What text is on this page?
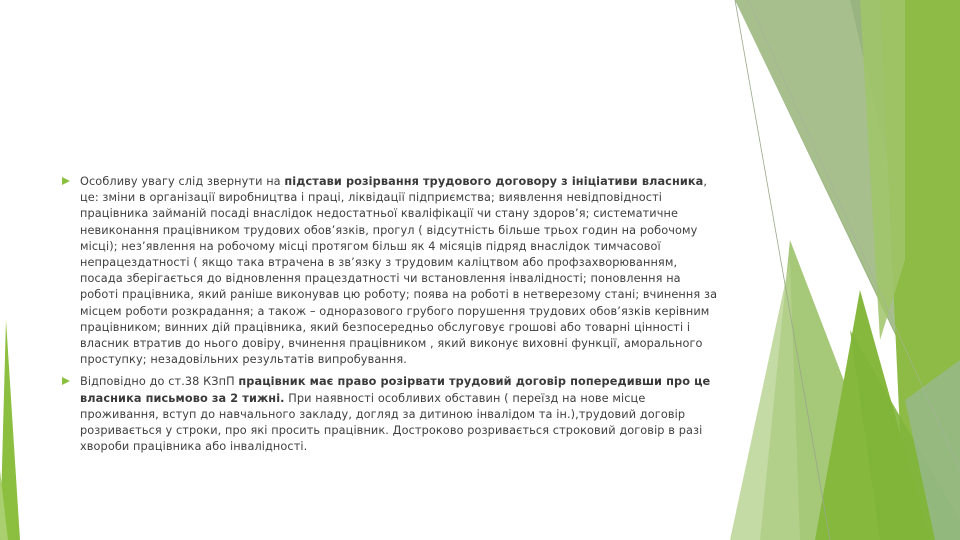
Особливу увагу слід звернути на підстави розірвання трудового договору з ініціативи власника, це: зміни в організації виробництва і праці, ліквідації підприємства; виявлення невідповідності працівника займаній посаді внаслідок недостатньої кваліфікації чи стану здоров’я; систематичне невиконання працівником трудових обов’язків, прогул ( відсутність більше трьох годин на робочому місці); нез’явлення на робочому місці протягом більш як 4 місяців підряд внаслідок тимчасової непрацездатності ( якщо така втрачена в зв’язку з трудовим каліцтвом або профзахворюванням, посада зберігається до відновлення працездатності чи встановлення інвалідності; поновлення на роботі працівника, який раніше виконував цю роботу; поява на роботі в нетверезому стані; вчинення за місцем роботи розкрадання; а також – одноразового грубого порушення трудових обов’язків керівним працівником; винних дій працівника, який безпосередньо обслуговує грошові або товарні цінності і власник втратив до нього довіру, вчинення працівником , який виконує виховні функції, аморального проступку; незадовільних результатів випробування.
Відповідно до ст.38 КЗпП працівник має право розірвати трудовий договір попередивши про це власника письмово за 2 тижні. При наявності особливих обставин ( переїзд на нове місце проживання, вступ до навчального закладу, догляд за дитиною інвалідом та ін.),трудовий договір розривається у строки, про які просить працівник. Достроково розривається строковий договір в разі хвороби працівника або інвалідності.
